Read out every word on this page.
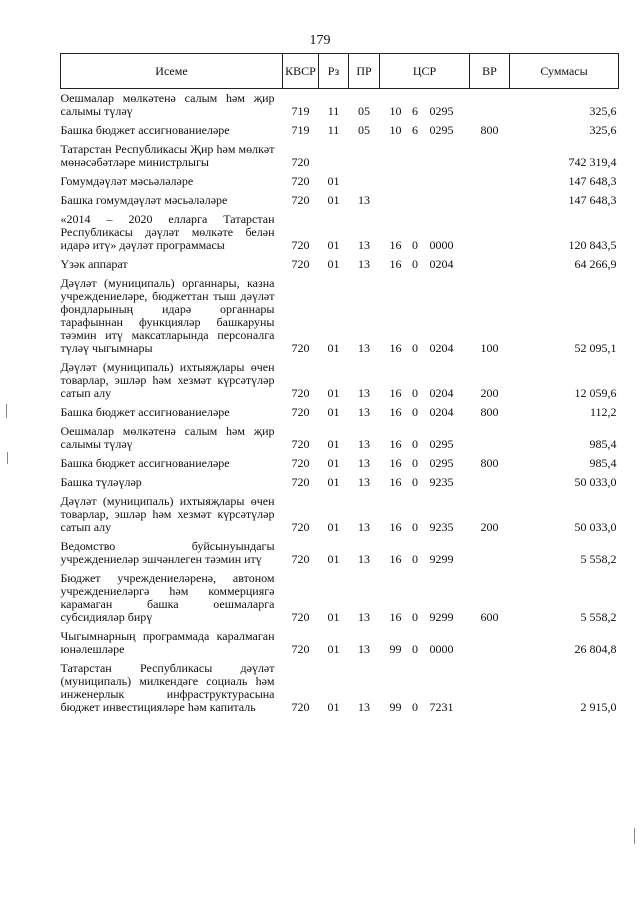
179
Исеме	КВСР	Рз	ПР	ЦСР	ВР	Суммасы
Оешмалар мөлкәтенә салым һәм җир салымы түләү	719	11	05	10 6 0295		325,6
Башка бюджет ассигнованиеләре	719	11	05	10 6 0295	800	325,6
Татарстан Республикасы Җир һәм мөлкәт мөнәсәбәтләре министрлыгы	720					742 319,4
Гомумдәүләт мәсьәләләре	720	01				147 648,3
Башка гомумдәүләт мәсьәләләре	720	01	13			147 648,3
«2014 – 2020 елларга Татарстан Республикасы дәүләт мөлкәте белән идарә итү» дәүләт программасы	720	01	13	16 0 0000		120 843,5
Үзәк аппарат	720	01	13	16 0 0204		64 266,9
Дәүләт (муниципаль) органнары, казна учреждениеләре, бюджеттан тыш дәүләт фондларының идарә органнары тарафыннан функцияләр башкаруны тәэмин итү максатларында персоналга түләү чыгымнары	720	01	13	16 0 0204	100	52 095,1
Дәүләт (муниципаль) ихтыяҗлары өчен товарлар, эшләр һәм хезмәт күрсәтүләр сатып алу	720	01	13	16 0 0204	200	12 059,6
Башка бюджет ассигнованиеләре	720	01	13	16 0 0204	800	112,2
Оешмалар мөлкәтенә салым һәм җир салымы түләү	720	01	13	16 0 0295		985,4
Башка бюджет ассигнованиеләре	720	01	13	16 0 0295	800	985,4
Башка түләүләр	720	01	13	16 0 9235		50 033,0
Дәүләт (муниципаль) ихтыяҗлары өчен товарлар, эшләр һәм хезмәт күрсәтүләр сатып алу	720	01	13	16 0 9235	200	50 033,0
Ведомство буйсынуындагы учреждениеләр эшчәнлеген тәэмин итү	720	01	13	16 0 9299		5 558,2
Бюджет учреждениеләренә, автоном учреждениеләргә һәм коммерциягә карамаган башка оешмаларга субсидияләр бирү	720	01	13	16 0 9299	600	5 558,2
Чыгымнарның программада каралмаган юнәлешләре	720	01	13	99 0 0000		26 804,8
Татарстан Республикасы дәүләт (муниципаль) милкендәге социаль һәм инженерлык инфраструктурасына бюджет инвестицияләре һәм капиталь	720	01	13	99 0 7231		2 915,0
